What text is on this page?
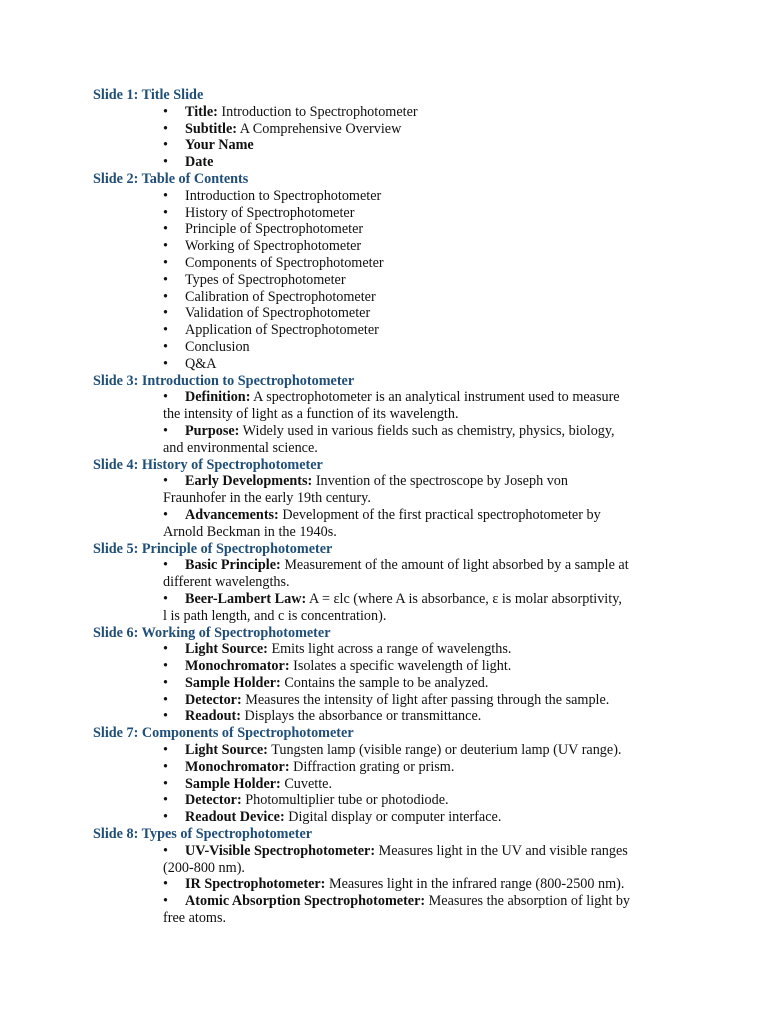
Slide 1: Title Slide

• Title: Introduction to Spectrophotometer
• Subtitle: A Comprehensive Overview
• Your Name
• Date

Slide 2: Table of Contents

• Introduction to Spectrophotometer
• History of Spectrophotometer
• Principle of Spectrophotometer
• Working of Spectrophotometer
• Components of Spectrophotometer
• Types of Spectrophotometer
• Calibration of Spectrophotometer
• Validation of Spectrophotometer
• Application of Spectrophotometer
• Conclusion
• Q&A

Slide 3: Introduction to Spectrophotometer

• Definition: A spectrophotometer is an analytical instrument used to measure
the intensity of light as a function of its wavelength.
• Purpose: Widely used in various fields such as chemistry, physics, biology,
and environmental science.

Slide 4: History of Spectrophotometer

• Early Developments: Invention of the spectroscope by Joseph von
Fraunhofer in the early 19th century.
• Advancements: Development of the first practical spectrophotometer by
Arnold Beckman in the 1940s.

Slide 5: Principle of Spectrophotometer

• Basic Principle: Measurement of the amount of light absorbed by a sample at
different wavelengths.
• Beer-Lambert Law: A = εlc (where A is absorbance, ε is molar absorptivity,
l is path length, and c is concentration).

Slide 6: Working of Spectrophotometer

• Light Source: Emits light across a range of wavelengths.
• Monochromator: Isolates a specific wavelength of light.
• Sample Holder: Contains the sample to be analyzed.
• Detector: Measures the intensity of light after passing through the sample.
• Readout: Displays the absorbance or transmittance.

Slide 7: Components of Spectrophotometer

• Light Source: Tungsten lamp (visible range) or deuterium lamp (UV range).
• Monochromator: Diffraction grating or prism.
• Sample Holder: Cuvette.
• Detector: Photomultiplier tube or photodiode.
• Readout Device: Digital display or computer interface.

Slide 8: Types of Spectrophotometer

• UV-Visible Spectrophotometer: Measures light in the UV and visible ranges
(200-800 nm).
• IR Spectrophotometer: Measures light in the infrared range (800-2500 nm).
• Atomic Absorption Spectrophotometer: Measures the absorption of light by
free atoms.
